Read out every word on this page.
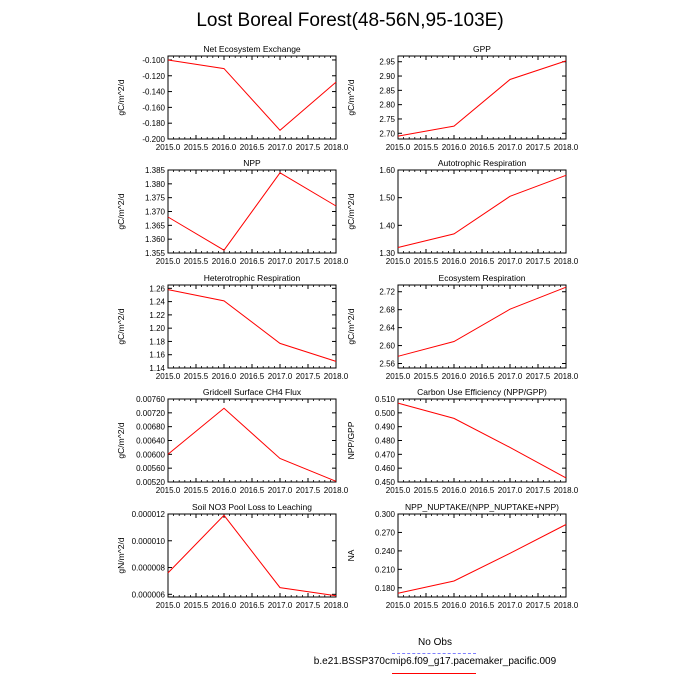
Lost Boreal Forest(48-56N,95-103E)
Net Ecosystem Exchange
gC/m^2/d
2015.0 2015.5 2016.0 2016.5 2017.0 2017.5 2018.0
-0.100
-0.120
-0.140
-0.160
-0.180
-0.200
GPP
gC/m^2/d
2015.0 2015.5 2016.0 2016.5 2017.0 2017.5 2018.0
2.70
2.75
2.80
2.85
2.90
2.95
NPP
gC/m^2/d
2015.0 2015.5 2016.0 2016.5 2017.0 2017.5 2018.0
1.355
1.360
1.365
1.370
1.375
1.380
1.385
Autotrophic Respiration
gC/m^2/d
2015.0 2015.5 2016.0 2016.5 2017.0 2017.5 2018.0
1.30
1.40
1.50
1.60
Heterotrophic Respiration
gC/m^2/d
2015.0 2015.5 2016.0 2016.5 2017.0 2017.5 2018.0
1.14
1.16
1.18
1.20
1.22
1.24
1.26
Ecosystem Respiration
gC/m^2/d
2015.0 2015.5 2016.0 2016.5 2017.0 2017.5 2018.0
2.56
2.60
2.64
2.68
2.72
Gridcell Surface CH4 Flux
gC/m^2/d
2015.0 2015.5 2016.0 2016.5 2017.0 2017.5 2018.0
0.00520
0.00560
0.00600
0.00640
0.00680
0.00720
0.00760
Carbon Use Efficiency (NPP/GPP)
NPP/GPP
2015.0 2015.5 2016.0 2016.5 2017.0 2017.5 2018.0
0.450
0.460
0.470
0.480
0.490
0.500
0.510
Soil NO3 Pool Loss to Leaching
gN/m^2/d
2015.0 2015.5 2016.0 2016.5 2017.0 2017.5 2018.0
0.000006
0.000008
0.000010
0.000012
NPP_NUPTAKE/(NPP_NUPTAKE+NPP)
NA
2015.0 2015.5 2016.0 2016.5 2017.0 2017.5 2018.0
0.180
0.210
0.240
0.270
0.300
No Obs
b.e21.BSSP370cmip6.f09_g17.pacemaker_pacific.009
